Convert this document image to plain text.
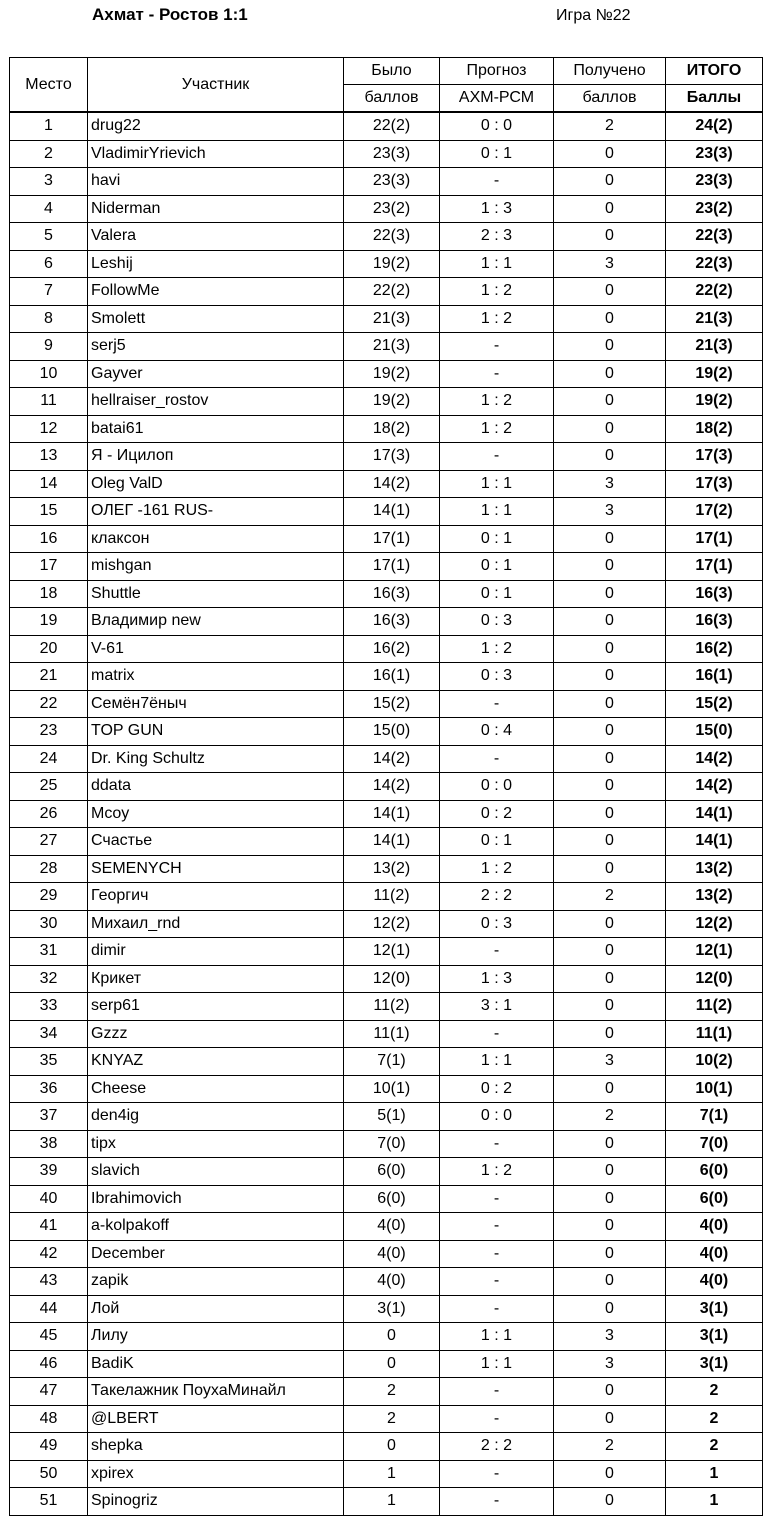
Ахмат - Ростов 1:1	Игра №22
Место	Участник	Было	Прогноз	Получено	ИТОГО
		баллов	АХМ-РСМ	баллов	Баллы
1	drug22	22(2)	0 : 0	2	24(2)
2	VladimirYrievich	23(3)	0 : 1	0	23(3)
3	havi	23(3)	-	0	23(3)
4	Niderman	23(2)	1 : 3	0	23(2)
5	Valera	22(3)	2 : 3	0	22(3)
6	Leshij	19(2)	1 : 1	3	22(3)
7	FollowMe	22(2)	1 : 2	0	22(2)
8	Smolett	21(3)	1 : 2	0	21(3)
9	serj5	21(3)	-	0	21(3)
10	Gayver	19(2)	-	0	19(2)
11	hellraiser_rostov	19(2)	1 : 2	0	19(2)
12	batai61	18(2)	1 : 2	0	18(2)
13	Я - Ицилоп	17(3)	-	0	17(3)
14	Oleg ValD	14(2)	1 : 1	3	17(3)
15	ОЛЕГ -161 RUS-	14(1)	1 : 1	3	17(2)
16	клаксон	17(1)	0 : 1	0	17(1)
17	mishgan	17(1)	0 : 1	0	17(1)
18	Shuttle	16(3)	0 : 1	0	16(3)
19	Владимир new	16(3)	0 : 3	0	16(3)
20	V-61	16(2)	1 : 2	0	16(2)
21	matrix	16(1)	0 : 3	0	16(1)
22	Семён7ёныч	15(2)	-	0	15(2)
23	TOP GUN	15(0)	0 : 4	0	15(0)
24	Dr. King Schultz	14(2)	-	0	14(2)
25	ddata	14(2)	0 : 0	0	14(2)
26	Mcoy	14(1)	0 : 2	0	14(1)
27	Счастье	14(1)	0 : 1	0	14(1)
28	SEMENYCH	13(2)	1 : 2	0	13(2)
29	Георгич	11(2)	2 : 2	2	13(2)
30	Михаил_rnd	12(2)	0 : 3	0	12(2)
31	dimir	12(1)	-	0	12(1)
32	Крикет	12(0)	1 : 3	0	12(0)
33	serp61	11(2)	3 : 1	0	11(2)
34	Gzzz	11(1)	-	0	11(1)
35	KNYAZ	7(1)	1 : 1	3	10(2)
36	Cheese	10(1)	0 : 2	0	10(1)
37	den4ig	5(1)	0 : 0	2	7(1)
38	tipx	7(0)	-	0	7(0)
39	slavich	6(0)	1 : 2	0	6(0)
40	Ibrahimovich	6(0)	-	0	6(0)
41	a-kolpakoff	4(0)	-	0	4(0)
42	December	4(0)	-	0	4(0)
43	zapik	4(0)	-	0	4(0)
44	Лой	3(1)	-	0	3(1)
45	Лилу	0	1 : 1	3	3(1)
46	BadiK	0	1 : 1	3	3(1)
47	Такелажник ПоухаМинайл	2	-	0	2
48	@LBERT	2	-	0	2
49	shepka	0	2 : 2	2	2
50	xpirex	1	-	0	1
51	Spinogriz	1	-	0	1
